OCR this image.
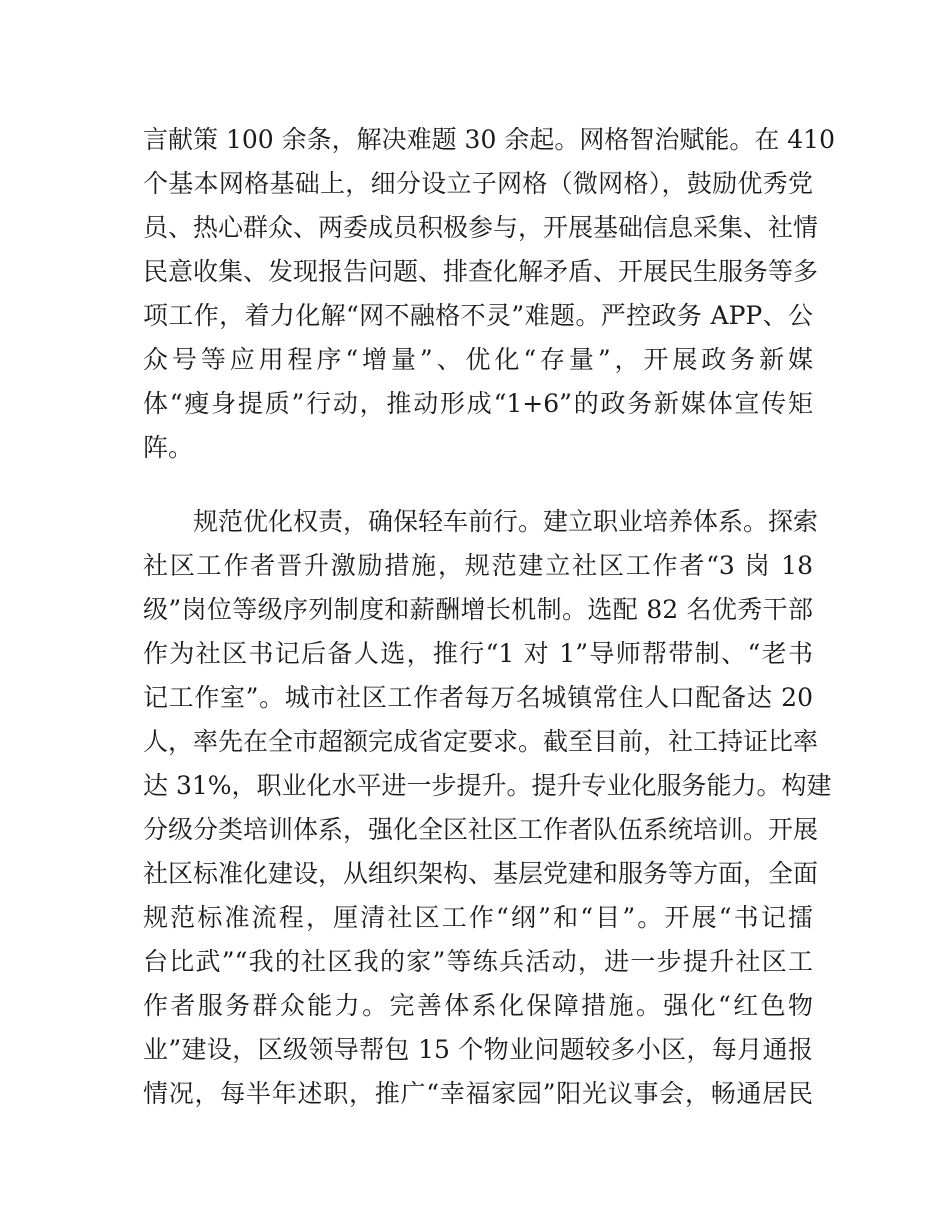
言献策 100 余条，解决难题 30 余起。网格智治赋能。在 410
个基本网格基础上，细分设立子网格（微网格），鼓励优秀党
员、热心群众、两委成员积极参与，开展基础信息采集、社情
民意收集、发现报告问题、排查化解矛盾、开展民生服务等多
项工作，着力化解“网不融格不灵”难题。严控政务 APP、公
众号等应用程序“增量”、优化“存量”，开展政务新媒
体“瘦身提质”行动，推动形成“1+6”的政务新媒体宣传矩
阵。
规范优化权责，确保轻车前行。建立职业培养体系。探索
社区工作者晋升激励措施，规范建立社区工作者“3 岗 18
级”岗位等级序列制度和薪酬增长机制。选配 82 名优秀干部
作为社区书记后备人选，推行“1 对 1”导师帮带制、“老书
记工作室”。城市社区工作者每万名城镇常住人口配备达 20
人，率先在全市超额完成省定要求。截至目前，社工持证比率
达 31%，职业化水平进一步提升。提升专业化服务能力。构建
分级分类培训体系，强化全区社区工作者队伍系统培训。开展
社区标准化建设，从组织架构、基层党建和服务等方面，全面
规范标准流程，厘清社区工作“纲”和“目”。开展“书记擂
台比武”“我的社区我的家”等练兵活动，进一步提升社区工
作者服务群众能力。完善体系化保障措施。强化“红色物
业”建设，区级领导帮包 15 个物业问题较多小区，每月通报
情况，每半年述职，推广“幸福家园”阳光议事会，畅通居民
